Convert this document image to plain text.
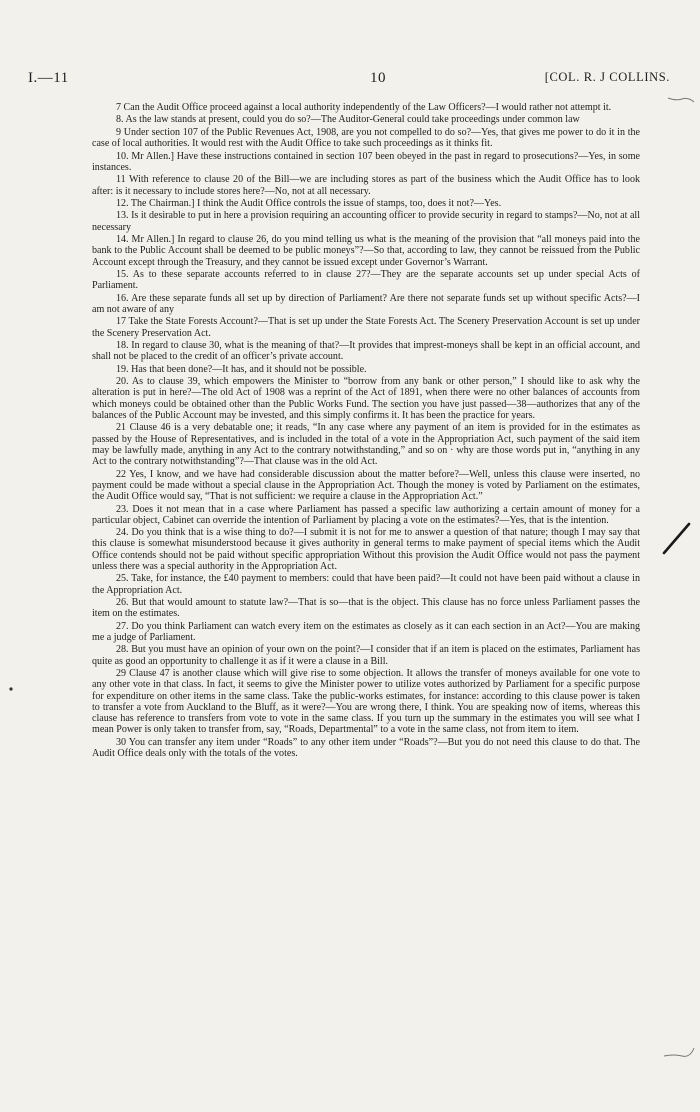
I.—11	10	[COL. R. J COLLINS.

7 Can the Audit Office proceed against a local authority independently of the Law Officers?—I would rather not attempt it.

8. As the law stands at present, could you do so?—The Auditor-General could take proceedings under common law

9 Under section 107 of the Public Revenues Act, 1908, are you not compelled to do so?—Yes, that gives me power to do it in the case of local authorities. It would rest with the Audit Office to take such proceedings as it thinks fit.

10. Mr Allen.] Have these instructions contained in section 107 been obeyed in the past in regard to prosecutions?—Yes, in some instances.

11 With reference to clause 20 of the Bill—we are including stores as part of the business which the Audit Office has to look after: is it necessary to include stores here?—No, not at all necessary.

12. The Chairman.] I think the Audit Office controls the issue of stamps, too, does it not?—Yes.

13. Is it desirable to put in here a provision requiring an accounting officer to provide security in regard to stamps?—No, not at all necessary

14. Mr Allen.] In regard to clause 26, do you mind telling us what is the meaning of the provision that “all moneys paid into the bank to the Public Account shall be deemed to be public moneys”?—So that, according to law, they cannot be reissued from the Public Account except through the Treasury, and they cannot be issued except under Governor’s Warrant.

15. As to these separate accounts referred to in clause 27?—They are the separate accounts set up under special Acts of Parliament.

16. Are these separate funds all set up by direction of Parliament? Are there not separate funds set up without specific Acts?—I am not aware of any

17 Take the State Forests Account?—That is set up under the State Forests Act. The Scenery Preservation Account is set up under the Scenery Preservation Act.

18. In regard to clause 30, what is the meaning of that?—It provides that imprest-moneys shall be kept in an official account, and shall not be placed to the credit of an officer’s private account.

19. Has that been done?—It has, and it should not be possible.

20. As to clause 39, which empowers the Minister to “borrow from any bank or other person,” I should like to ask why the alteration is put in here?—The old Act of 1908 was a reprint of the Act of 1891, when there were no other balances of accounts from which moneys could be obtained other than the Public Works Fund. The section you have just passed—38—authorizes that any of the balances of the Public Account may be invested, and this simply confirms it. It has been the practice for years.

21 Clause 46 is a very debatable one; it reads, “In any case where any payment of an item is provided for in the estimates as passed by the House of Representatives, and is included in the total of a vote in the Appropriation Act, such payment of the said item may be lawfully made, anything in any Act to the contrary notwithstanding,” and so on · why are those words put in, “anything in any Act to the contrary notwithstanding”?—That clause was in the old Act.

22 Yes, I know, and we have had considerable discussion about the matter before?—Well, unless this clause were inserted, no payment could be made without a special clause in the Appropriation Act. Though the money is voted by Parliament on the estimates, the Audit Office would say, “That is not sufficient: we require a clause in the Appropriation Act.”

23. Does it not mean that in a case where Parliament has passed a specific law authorizing a certain amount of money for a particular object, Cabinet can override the intention of Parliament by placing a vote on the estimates?—Yes, that is the intention.

24. Do you think that is a wise thing to do?—I submit it is not for me to answer a question of that nature; though I may say that this clause is somewhat misunderstood because it gives authority in general terms to make payment of special items which the Audit Office contends should not be paid without specific appropriation Without this provision the Audit Office would not pass the payment unless there was a special authority in the Appropriation Act.

25. Take, for instance, the £40 payment to members: could that have been paid?—It could not have been paid without a clause in the Appropriation Act.

26. But that would amount to statute law?—That is so—that is the object. This clause has no force unless Parliament passes the item on the estimates.

27. Do you think Parliament can watch every item on the estimates as closely as it can each section in an Act?—You are making me a judge of Parliament.

28. But you must have an opinion of your own on the point?—I consider that if an item is placed on the estimates, Parliament has quite as good an opportunity to challenge it as if it were a clause in a Bill.

29 Clause 47 is another clause which will give rise to some objection. It allows the transfer of moneys available for one vote to any other vote in that class. In fact, it seems to give the Minister power to utilize votes authorized by Parliament for a specific purpose for expenditure on other items in the same class. Take the public-works estimates, for instance: according to this clause power is taken to transfer a vote from Auckland to the Bluff, as it were?—You are wrong there, I think. You are speaking now of items, whereas this clause has reference to transfers from vote to vote in the same class. If you turn up the summary in the estimates you will see what I mean Power is only taken to transfer from, say, “Roads, Departmental” to a vote in the same class, not from item to item.

30 You can transfer any item under “Roads” to any other item under “Roads”?—But you do not need this clause to do that. The Audit Office deals only with the totals of the votes.
